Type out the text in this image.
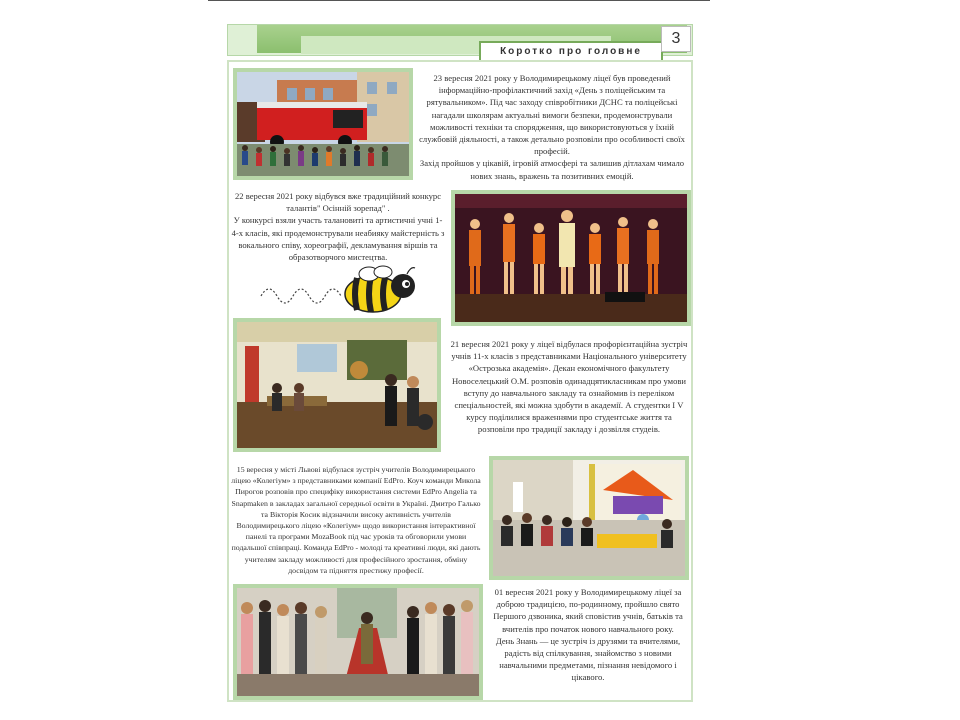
Коротко про головне
3
23 вересня 2021 року у Володимирецькому ліцеї був проведений інформаційно-профілактичний захід «День з поліцейським та рятувальником». Під час заходу співробітники ДСНС та поліцейські нагадали школярам актуальні вимоги безпеки, продемонстрували можливості техніки та спорядження, що використовуються у їхній службовій діяльності, а також детально розповіли про особливості своїх професій.
Захід пройшов у цікавій, ігровій атмосфері та залишив дітлахам чимало нових знань, вражень та позитивних емоцій.
22 вересня 2021 року відбувся вже традиційний конкурс талантів" Осінній зорепад" .
У конкурсі взяли участь талановиті та артистичні учні 1-4-х класів, які продемонстрували неабияку майстерність з вокального співу, хореографії, декламування віршів та образотворчого мистецтва.
21 вересня 2021 року у ліцеї відбулася профорієнтаційна зустріч учнів 11-х класів з представниками Національного університету «Острозька академія». Декан економічного факультету Новоселецький О.М. розповів одинадцятикласникам про умови вступу до навчального закладу та ознайомив із переліком спеціальностей, які можна здобути в академії. А студентки І V курсу поділилися враженнями про студентське життя та розповіли про традиції закладу і дозвілля студеів.
15 вересня у місті Львові відбулася зустріч учителів Володимирецького ліцею «Колегіум» з представниками компанії EdPro. Коуч команди Микола Пирогов розповів про специфіку використання системи EdPro Angelia та Snapmaken в закладах загальної середньої освіти в Україні. Дмитро Галько та Вікторія Косик відзначили високу активність учителів Володимирецького ліцею «Колегіум» щодо використання інтерактивної панелі та програми MozaBook під час уроків та обговорили умови подальшої співпраці. Команда EdPro - молоді та креативні люди, які дають учителям закладу можливості для професійного зростання, обміну досвідом та підняття престижу професії.
01 вересня 2021 року у Володимирецькому ліцеї за доброю традицією, по-родинному, пройшло свято Першого дзвоника, який сповістив учнів, батьків та вчителів про початок нового навчального року.
День Знань — це зустріч із друзями та вчителями, радість від спілкування, знайомство з новими навчальними предметами, пізнання невідомого і цікавого.
